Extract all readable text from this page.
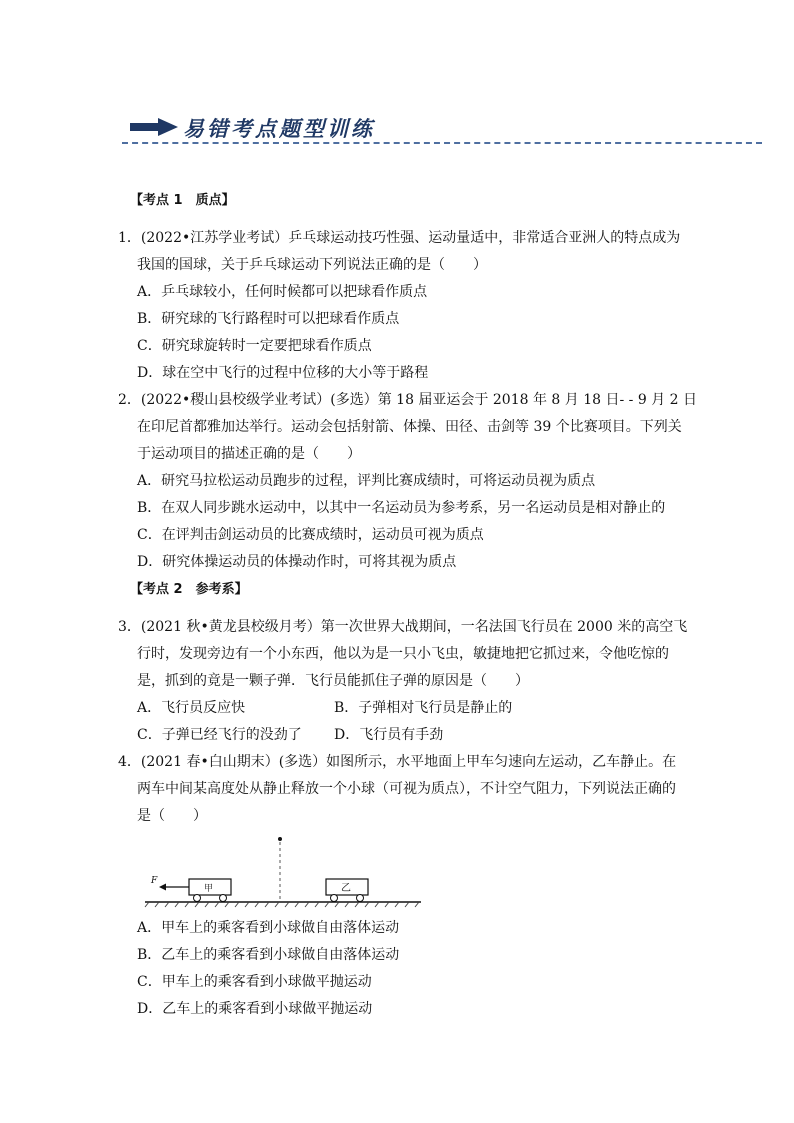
易错考点题型训练
【考点 1　质点】
1．(2022•江苏学业考试）乒乓球运动技巧性强、运动量适中，非常适合亚洲人的特点成为
我国的国球，关于乒乓球运动下列说法正确的是（　　）
A．乒乓球较小，任何时候都可以把球看作质点
B．研究球的飞行路程时可以把球看作质点
C．研究球旋转时一定要把球看作质点
D．球在空中飞行的过程中位移的大小等于路程
2．(2022•稷山县校级学业考试）(多选）第 18 届亚运会于 2018 年 8 月 18 日- - 9 月 2 日
在印尼首都雅加达举行。运动会包括射箭、体操、田径、击剑等 39 个比赛项目。下列关
于运动项目的描述正确的是（　　）
A．研究马拉松运动员跑步的过程，评判比赛成绩时，可将运动员视为质点
B．在双人同步跳水运动中，以其中一名运动员为参考系，另一名运动员是相对静止的
C．在评判击剑运动员的比赛成绩时，运动员可视为质点
D．研究体操运动员的体操动作时，可将其视为质点
【考点 2　参考系】
3．(2021 秋•黄龙县校级月考）第一次世界大战期间，一名法国飞行员在 2000 米的高空飞
行时，发现旁边有一个小东西，他以为是一只小飞虫，敏捷地把它抓过来，令他吃惊的
是，抓到的竟是一颗子弹．飞行员能抓住子弹的原因是（　　）
A．飞行员反应快	B．子弹相对飞行员是静止的
C．子弹已经飞行的没劲了 D．飞行员有手劲
4．(2021 春•白山期末）(多选）如图所示，水平地面上甲车匀速向左运动，乙车静止。在
两车中间某高度处从静止释放一个小球（可视为质点），不计空气阻力，下列说法正确的
是（　　）
甲
F
乙
A．甲车上的乘客看到小球做自由落体运动
B．乙车上的乘客看到小球做自由落体运动
C．甲车上的乘客看到小球做平抛运动
D．乙车上的乘客看到小球做平抛运动
